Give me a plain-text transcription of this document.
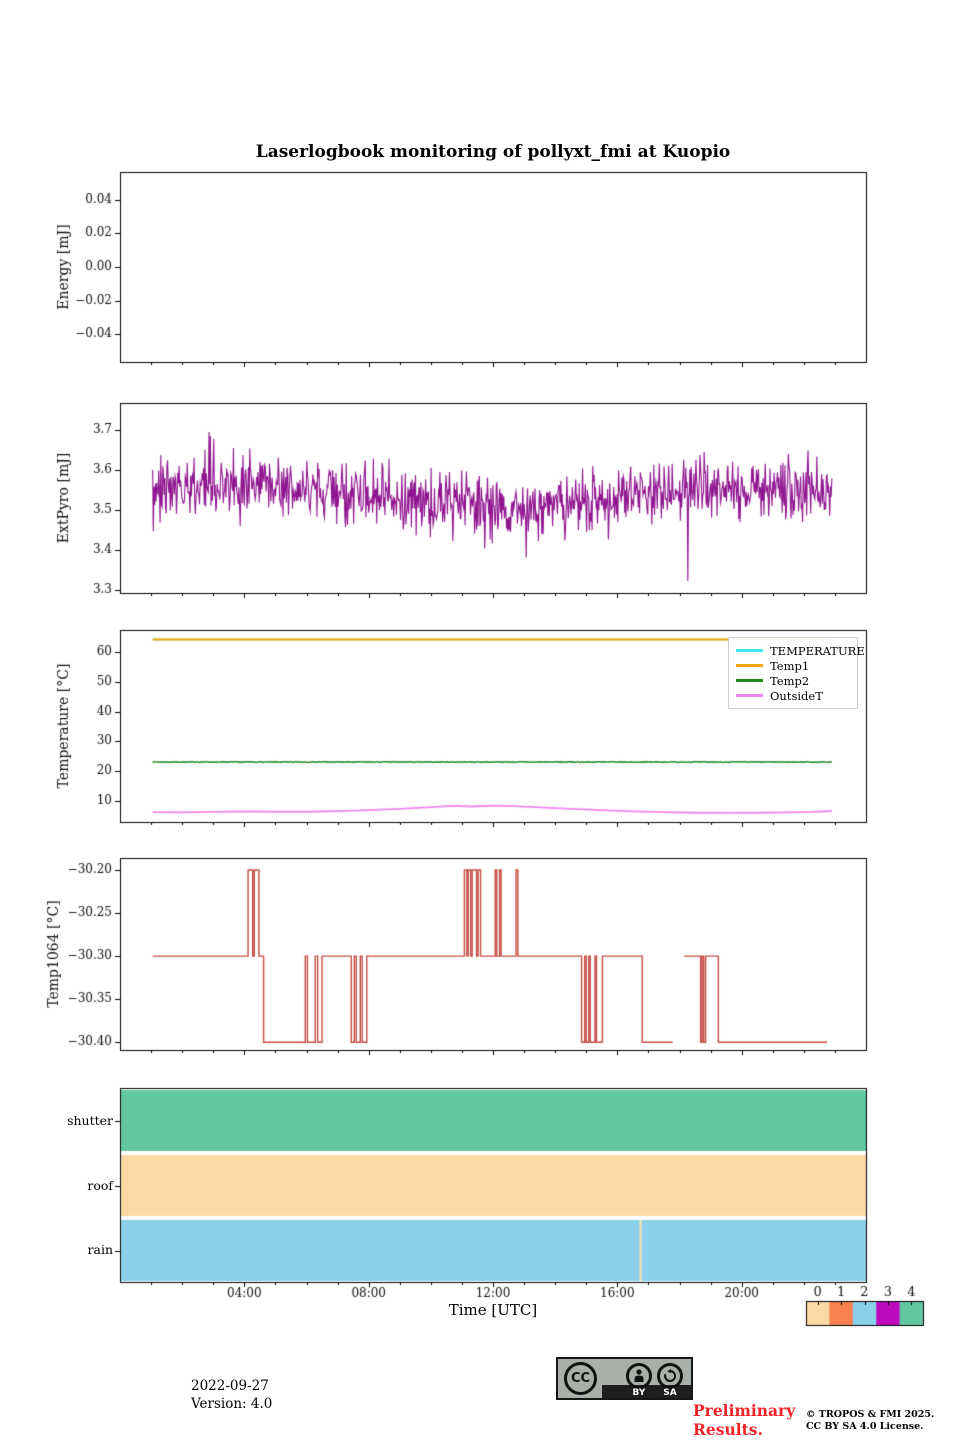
Laserlogbook monitoring of pollyxt_fmi at Kuopio
Time [UTC]
TEMPERATURE
Temp1
Temp2
OutsideT
shutter
roof
rain
2022-09-27
Version: 4.0
CC
BY	SA
Preliminary
Results.
© TROPOS & FMI 2025.
CC BY SA 4.0 License.
